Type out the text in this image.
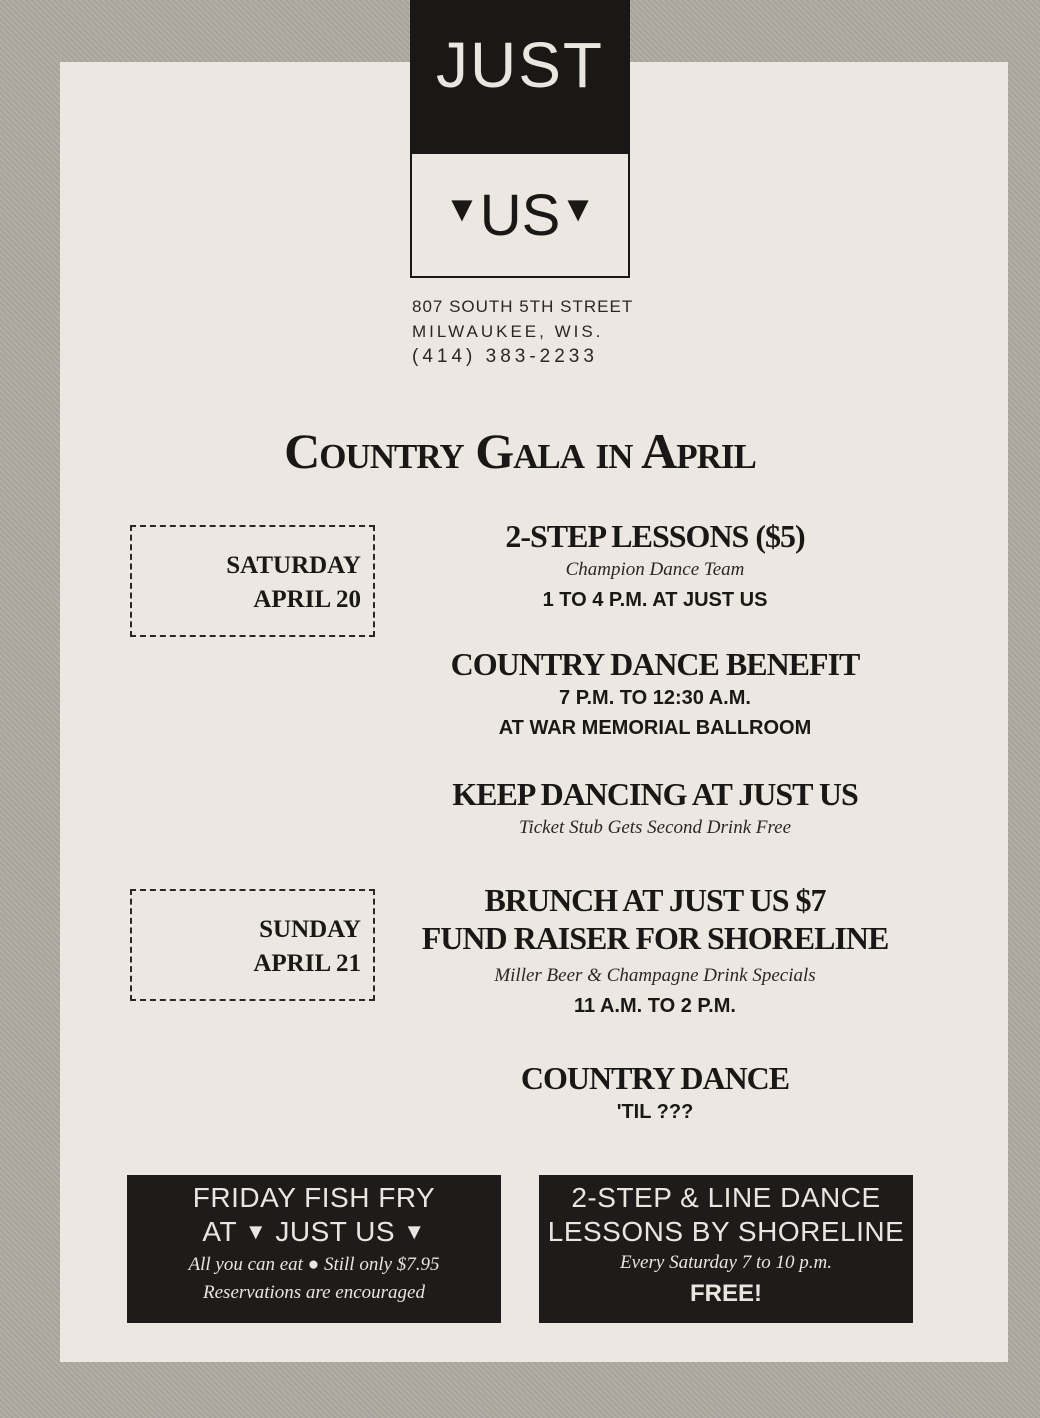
JUST
▼ US ▼
807 SOUTH 5TH STREET
MILWAUKEE, WIS.
(414) 383-2233
Country Gala in April
SATURDAY
APRIL 20
SUNDAY
APRIL 21
2-STEP LESSONS ($5)
Champion Dance Team
1 TO 4 P.M. AT JUST US
COUNTRY DANCE BENEFIT
7 P.M. TO 12:30 A.M.
AT WAR MEMORIAL BALLROOM
KEEP DANCING AT JUST US
Ticket Stub Gets Second Drink Free
BRUNCH AT JUST US $7
FUND RAISER FOR SHORELINE
Miller Beer & Champagne Drink Specials
11 A.M. TO 2 P.M.
COUNTRY DANCE
'TIL ???
FRIDAY FISH FRY
AT ▼ JUST US ▼
All you can eat ● Still only $7.95
Reservations are encouraged
2-STEP & LINE DANCE
LESSONS BY SHORELINE
Every Saturday 7 to 10 p.m.
FREE!
